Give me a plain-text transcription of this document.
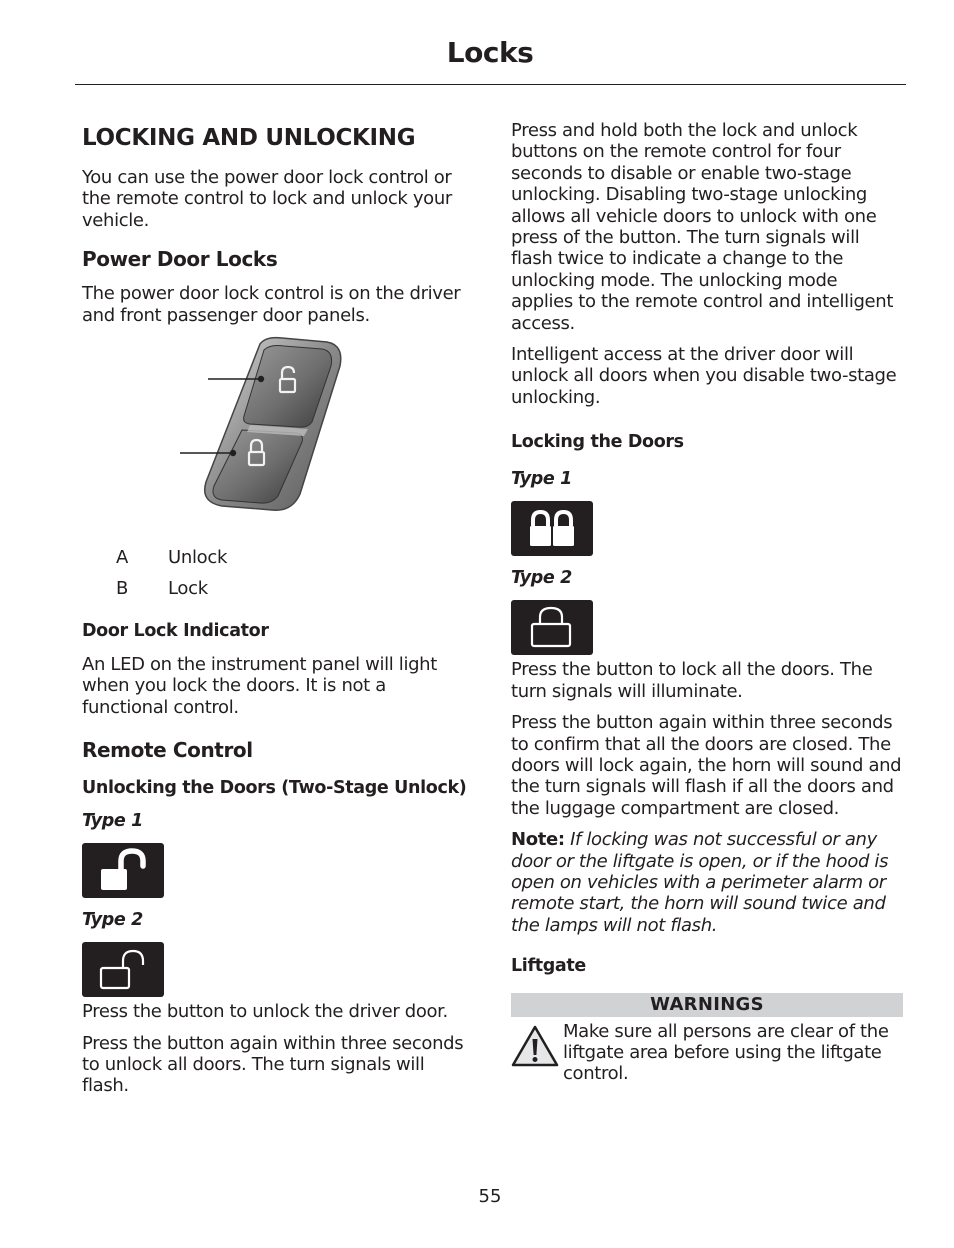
Locks
LOCKING AND UNLOCKING

You can use the power door lock control or the remote control to lock and unlock your vehicle.

Power Door Locks

The power door lock control is on the driver and front passenger door panels.

A	Unlock
B	Lock
Door Lock Indicator

An LED on the instrument panel will light when you lock the doors. It is not a functional control.

Remote Control
Unlocking the Doors (Two-Stage Unlock)
Type 1
Type 2

Press the button to unlock the driver door.

Press the button again within three seconds to unlock all doors. The turn signals will flash.

Press and hold both the lock and unlock buttons on the remote control for four seconds to disable or enable two-stage unlocking. Disabling two-stage unlocking allows all vehicle doors to unlock with one press of the button. The turn signals will flash twice to indicate a change to the unlocking mode. The unlocking mode applies to the remote control and intelligent access.

Intelligent access at the driver door will unlock all doors when you disable two-stage unlocking.

Locking the Doors
Type 1
Type 2

Press the button to lock all the doors. The turn signals will illuminate.

Press the button again within three seconds to confirm that all the doors are closed. The doors will lock again, the horn will sound and the turn signals will flash if all the doors and the luggage compartment are closed.

Note: If locking was not successful or any door or the liftgate is open, or if the hood is open on vehicles with a perimeter alarm or remote start, the horn will sound twice and the lamps will not flash.

Liftgate
WARNINGS
Make sure all persons are clear of the liftgate area before using the liftgate control.
55
